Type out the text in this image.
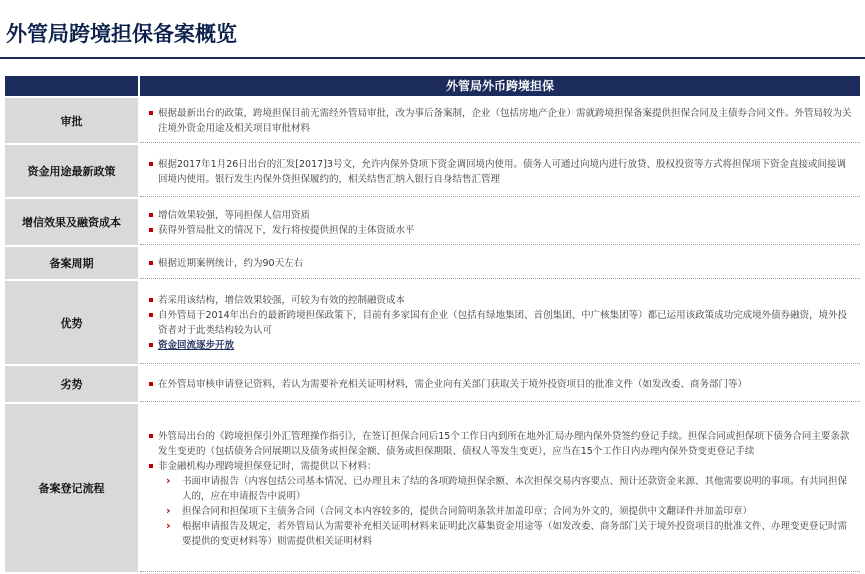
外管局跨境担保备案概览
外管局外币跨境担保
审批
根据最新出台的政策，跨境担保目前无需经外管局审批，改为事后备案制，企业（包括房地产企业）需就跨境担保备案提供担保合同及主债券合同文件。外管局较为关注境外资金用途及相关项目审批材料
资金用途最新政策
根据2017年1月26日出台的汇发[2017]3号文，允许内保外贷项下资金调回境内使用。债务人可通过向境内进行放贷、股权投资等方式将担保项下资金直接或间接调回境内使用。银行发生内保外贷担保履约的，相关结售汇纳入银行自身结售汇管理
增信效果及融资成本
增信效果较强，等同担保人信用资质
获得外管局批文的情况下，发行将按提供担保的主体资质水平
备案周期	根据近期案例统计，约为90天左右
优势
若采用该结构，增信效果较强，可较为有效的控制融资成本
自外管局于2014年出台的最新跨境担保政策下，目前有多家国有企业（包括有绿地集团、首创集团、中广核集团等）都已运用该政策成功完成境外债券融资，境外投资者对于此类结构较为认可
资金回流逐步开放
劣势	在外管局审核申请登记资料，若认为需要补充相关证明材料，需企业向有关部门获取关于境外投资项目的批准文件（如发改委、商务部门等）
备案登记流程
外管局出台的《跨境担保引外汇管理操作指引》，在签订担保合同后15个工作日内到所在地外汇局办理内保外贷签约登记手续。担保合同或担保项下债务合同主要条款发生变更的（包括债务合同展期以及债务或担保金额、债务或担保期限、债权人等发生变更），应当在15个工作日内办理内保外贷变更登记手续
非金融机构办理跨境担保登记时，需提供以下材料：
› 书面申请报告（内容包括公司基本情况、已办理且未了结的各项跨境担保余额、本次担保交易内容要点、预计还款资金来源、其他需要说明的事项。有共同担保人的，应在申请报告中说明）
› 担保合同和担保项下主债务合同（合同文本内容较多的，提供合同简明条款并加盖印章；合同为外文的，须提供中文翻译件并加盖印章）
› 根据申请报告及规定，若外管局认为需要补充相关证明材料来证明此次募集资金用途等（如发改委、商务部门关于境外投资项目的批准文件、办理变更登记时需要提供的变更材料等）则需提供相关证明材料
